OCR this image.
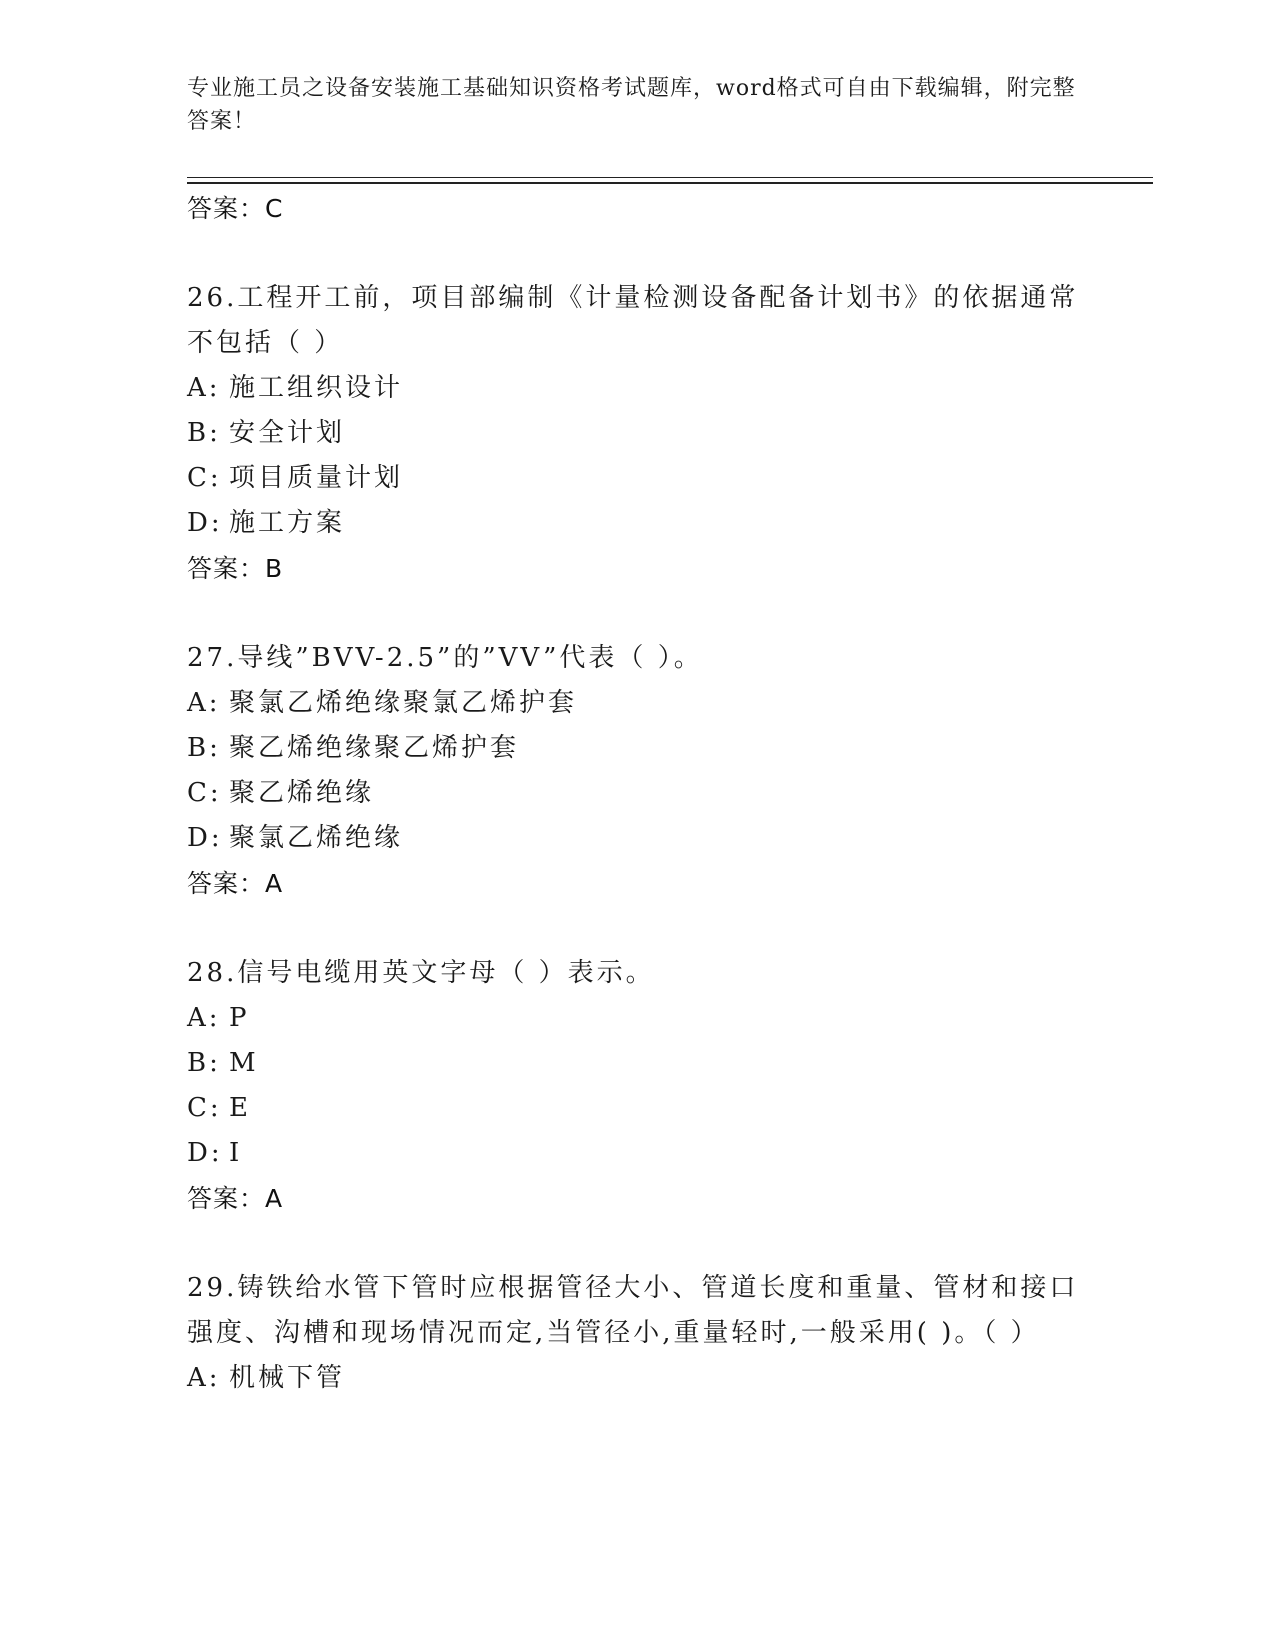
专业施工员之设备安装施工基础知识资格考试题库，word格式可自由下载编辑，附完整答案！
答案：C
26.工程开工前，项目部编制《计量检测设备配备计划书》的依据通常不包括（ ）
A: 施工组织设计
B: 安全计划
C: 项目质量计划
D: 施工方案
答案：B
27.导线”BVV-2.5”的”VV”代表（ ）。
A: 聚氯乙烯绝缘聚氯乙烯护套
B: 聚乙烯绝缘聚乙烯护套
C: 聚乙烯绝缘
D: 聚氯乙烯绝缘
答案：A
28.信号电缆用英文字母（ ）表示。
A: P
B: M
C: E
D: I
答案：A
29.铸铁给水管下管时应根据管径大小、管道长度和重量、管材和接口强度、沟槽和现场情况而定,当管径小,重量轻时,一般采用( )。（ ）
A: 机械下管
